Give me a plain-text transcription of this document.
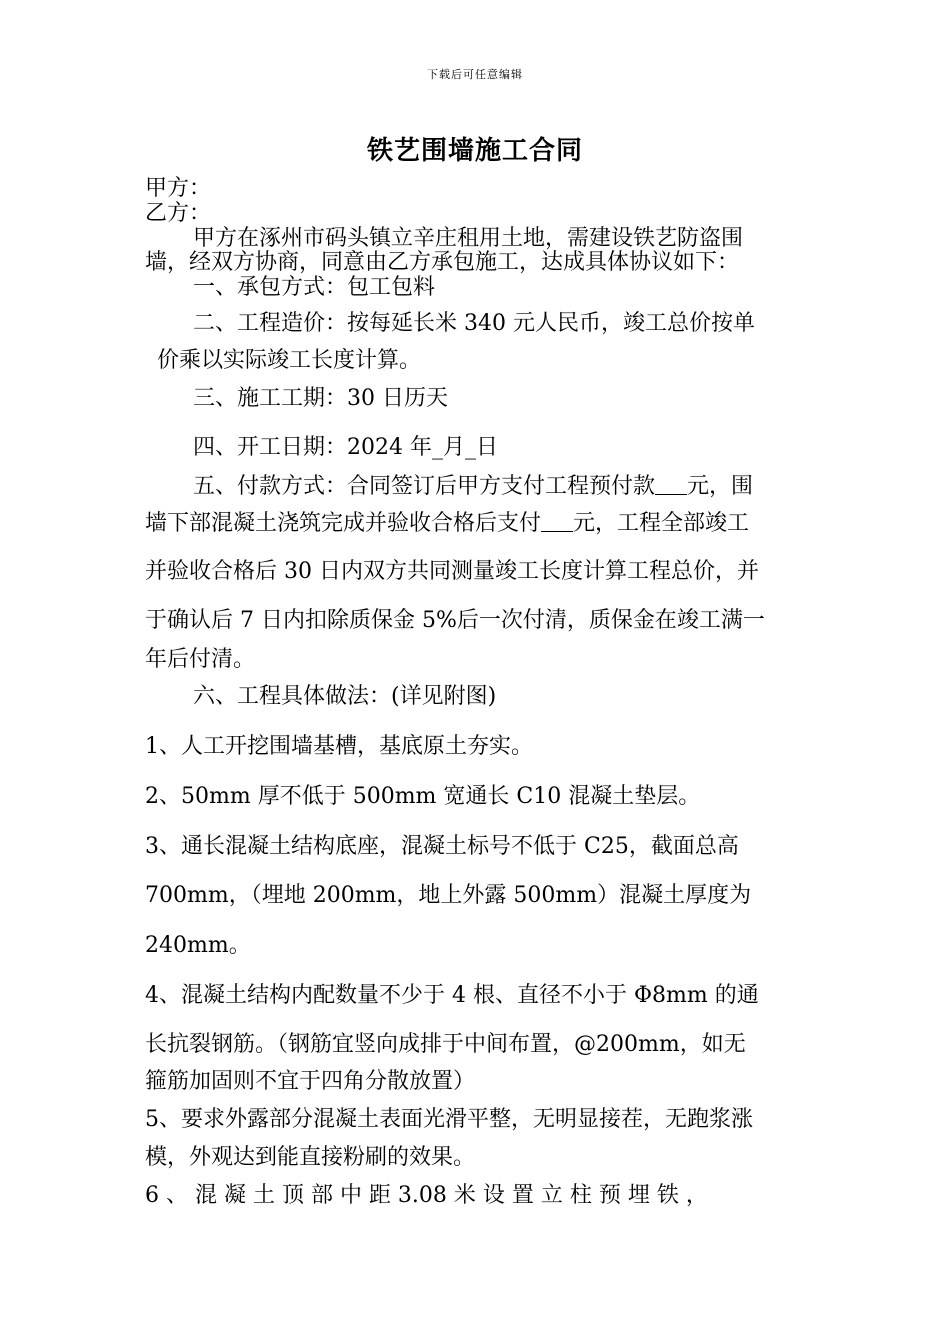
下载后可任意编辑
铁艺围墙施工合同
甲方：
乙方：
甲方在涿州市码头镇立辛庄租用土地，需建设铁艺防盗围
墙，经双方协商，同意由乙方承包施工，达成具体协议如下：
一、承包方式：包工包料
二、工程造价：按每延长米 340 元人民币，竣工总价按单
价乘以实际竣工长度计算。
三、施工工期：30 日历天
四、开工日期：2024 年_月_日
五、付款方式：合同签订后甲方支付工程预付款 元，围
墙下部混凝土浇筑完成并验收合格后支付 元，工程全部竣工
并验收合格后 30 日内双方共同测量竣工长度计算工程总价，并
于确认后 7 日内扣除质保金 5%后一次付清，质保金在竣工满一
年后付清。
六、工程具体做法：(详见附图)
1、人工开挖围墙基槽，基底原土夯实。
2、50mm 厚不低于 500mm 宽通长 C10 混凝土垫层。
3、通长混凝土结构底座，混凝土标号不低于 C25，截面总高
700mm，（埋地 200mm，地上外露 500mm）混凝土厚度为
240mm。
4、混凝土结构内配数量不少于 4 根、直径不小于 Φ8mm 的通
长抗裂钢筋。（钢筋宜竖向成排于中间布置，@200mm，如无
箍筋加固则不宜于四角分散放置）
5、要求外露部分混凝土表面光滑平整，无明显接茬，无跑浆涨
模，外观达到能直接粉刷的效果。
6 、 混 凝 土 顶 部 中 距 3.08 米 设 置 立 柱 预 埋 铁 ，
